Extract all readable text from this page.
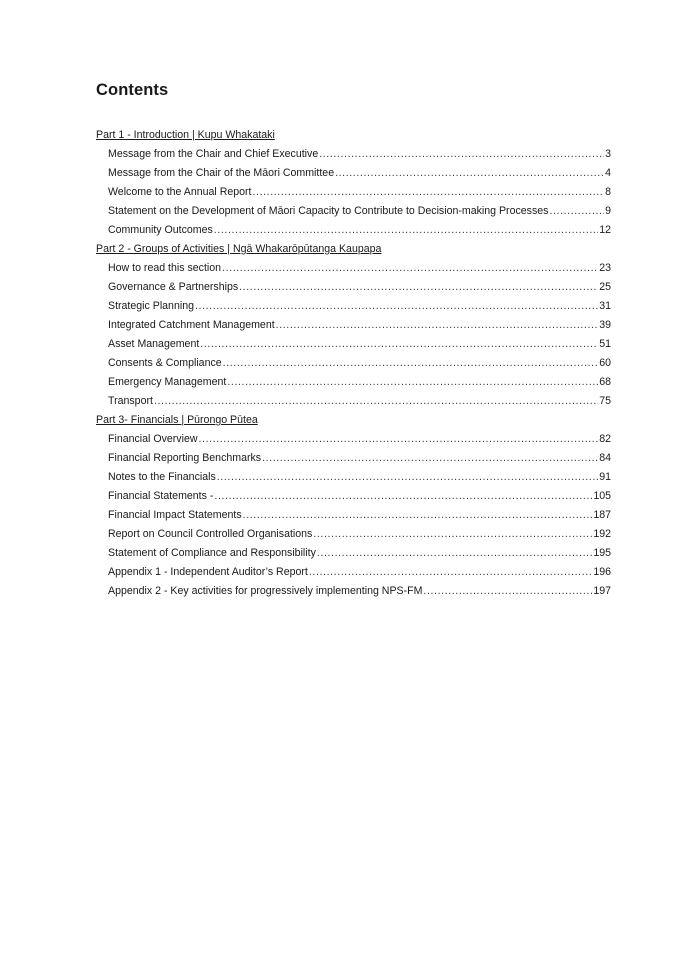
Contents
Part 1 - Introduction | Kupu Whakataki
Message from the Chair and Chief Executive .....	3
Message from the Chair of the Māori Committee .....	4
Welcome to the Annual Report .....	8
Statement on the Development of Māori Capacity to Contribute to Decision-making Processes .....	9
Community Outcomes .....	12
Part 2 - Groups of Activities | Ngā Whakarōpūtanga Kaupapa
How to read this section .....	23
Governance & Partnerships .....	25
Strategic Planning .....	31
Integrated Catchment Management .....	39
Asset Management .....	51
Consents & Compliance .....	60
Emergency Management .....	68
Transport .....	75
Part 3- Financials | Pūrongo Pūtea
Financial Overview .....	82
Financial Reporting Benchmarks .....	84
Notes to the Financials .....	91
Financial Statements - .....	105
Financial Impact Statements .....	187
Report on Council Controlled Organisations .....	192
Statement of Compliance and Responsibility .....	195
Appendix 1 - Independent Auditor’s Report .....	196
Appendix 2 - Key activities for progressively implementing NPS-FM .....	197
